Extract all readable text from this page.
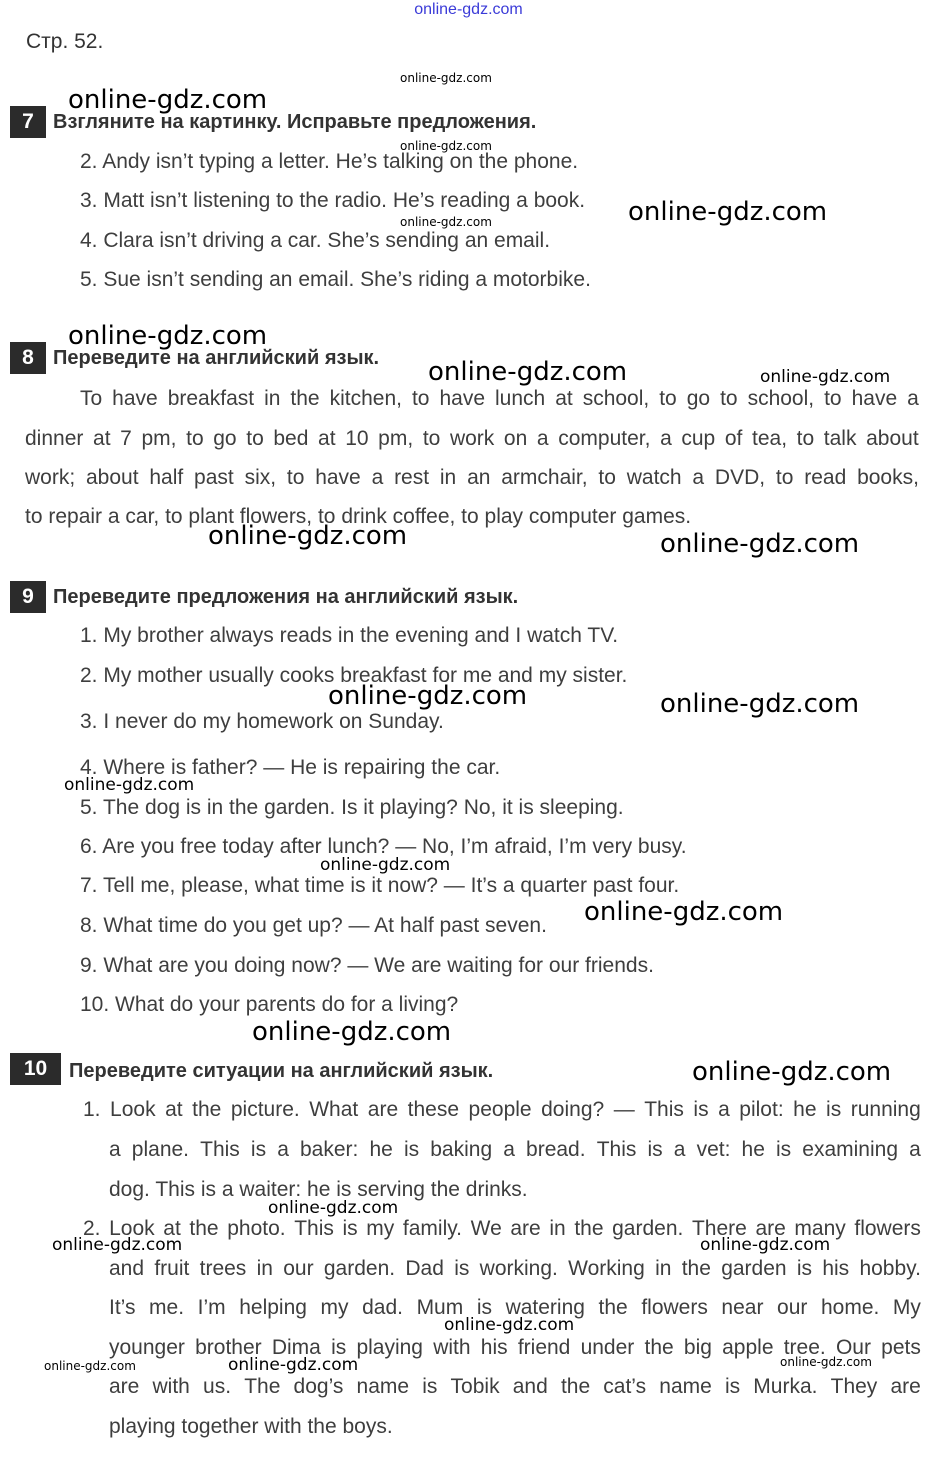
online-gdz.com
Стр. 52.
7 Взгляните на картинку. Исправьте предложения.
2. Andy isn’t typing a letter. He’s talking on the phone.
3. Matt isn’t listening to the radio. He’s reading a book.
4. Clara isn’t driving a car. She’s sending an email.
5. Sue isn’t sending an email. She’s riding a motorbike.
8 Переведите на английский язык.
To have breakfast in the kitchen, to have lunch at school, to go to school, to have a
dinner at 7 pm, to go to bed at 10 pm, to work on a computer, a cup of tea, to talk about
work; about half past six, to have a rest in an armchair, to watch a DVD, to read books,
to repair a car, to plant flowers, to drink coffee, to play computer games.
9 Переведите предложения на английский язык.
1. My brother always reads in the evening and I watch TV.
2. My mother usually cooks breakfast for me and my sister.
3. I never do my homework on Sunday.
4. Where is father? — He is repairing the car.
5. The dog is in the garden. Is it playing? No, it is sleeping.
6. Are you free today after lunch? — No, I’m afraid, I’m very busy.
7. Tell me, please, what time is it now? — It’s a quarter past four.
8. What time do you get up? — At half past seven.
9. What are you doing now? — We are waiting for our friends.
10. What do your parents do for a living?
10	Переведите ситуации на английский язык.
1. Look at the picture. What are these people doing? — This is a pilot: he is running
a plane. This is a baker: he is baking a bread. This is a vet: he is examining a
dog. This is a waiter: he is serving the drinks.
2. Look at the photo. This is my family. We are in the garden. There are many flowers
and fruit trees in our garden. Dad is working. Working in the garden is his hobby.
It’s me. I’m helping my dad. Mum is watering the flowers near our home. My
younger brother Dima is playing with his friend under the big apple tree. Our pets
are with us. The dog’s name is Tobik and the cat’s name is Murka. They are
playing together with the boys.
online-gdz.com
online-gdz.com
online-gdz.com
online-gdz.com
online-gdz.com
online-gdz.com
online-gdz.com	online-gdz.com
online-gdz.com	online-gdz.com
online-gdz.com	online-gdz.com
online-gdz.com
online-gdz.com
online-gdz.com
online-gdz.com
online-gdz.com
online-gdz.com
online-gdz.com	online-gdz.com
online-gdz.com
online-gdz.com	online-gdz.com	online-gdz.com
